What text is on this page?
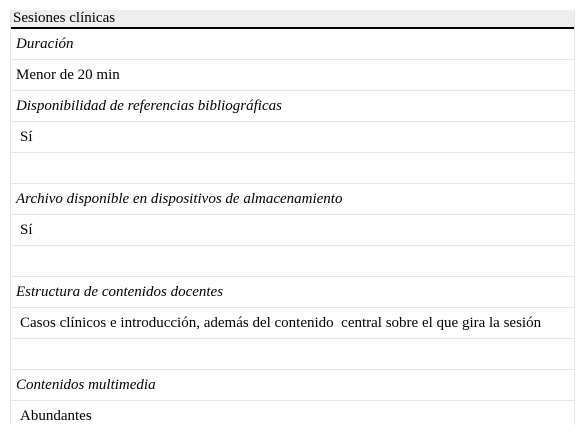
Sesiones clínicas
Duración
Menor de 20 min
Disponibilidad de referencias bibliográficas
Sí
Archivo disponible en dispositivos de almacenamiento
Sí
Estructura de contenidos docentes
Casos clínicos e introducción, además del contenido  central sobre el que gira la sesión
Contenidos multimedia
Abundantes
